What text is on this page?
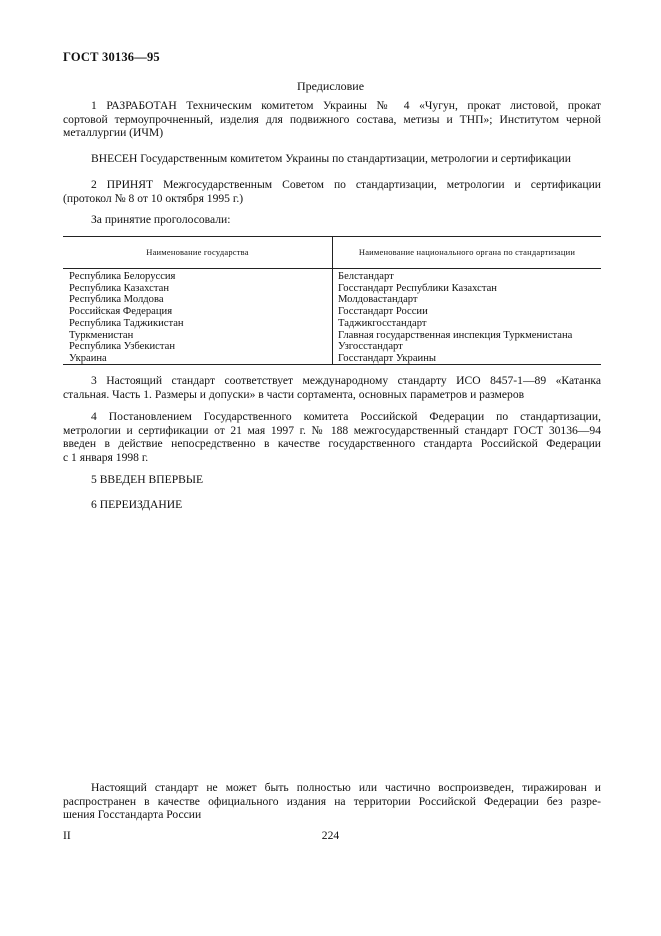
ГОСТ 30136—95
Предисловие
1 РАЗРАБОТАН Техническим комитетом Украины № 4 «Чугун, прокат листовой, прокат
сортовой термоупрочненный, изделия для подвижного состава, метизы и ТНП»; Институтом черной
металлургии (ИЧМ)
ВНЕСЕН Государственным комитетом Украины по стандартизации, метрологии и сертификации
2 ПРИНЯТ Межгосударственным Советом по стандартизации, метрологии и сертификации
(протокол № 8 от 10 октября 1995 г.)
За принятие проголосовали:
Наименование государства	Наименование национального органа по стандартизации
Республика Белоруссия
Республика Казахстан
Республика Молдова
Российская Федерация
Республика Таджикистан
Туркменистан
Республика Узбекистан
Украина
Белстандарт
Госстандарт Республики Казахстан
Молдовастандарт
Госстандарт России
Таджикгосстандарт
Главная государственная инспекция Туркменистана
Узгосстандарт
Госстандарт Украины
3 Настоящий стандарт соответствует международному стандарту ИСО 8457-1—89 «Катанка
стальная. Часть 1. Размеры и допуски» в части сортамента, основных параметров и размеров
4 Постановлением Государственного комитета Российской Федерации по стандартизации,
метрологии и сертификации от 21 мая 1997 г. № 188 межгосударственный стандарт ГОСТ 30136—94
введен в действие непосредственно в качестве государственного стандарта Российской Федерации
с 1 января 1998 г.
5 ВВЕДЕН ВПЕРВЫЕ
6 ПЕРЕИЗДАНИЕ
Настоящий стандарт не может быть полностью или частично воспроизведен, тиражирован и
распространен в качестве официального издания на территории Российской Федерации без разре-
шения Госстандарта России
II	224
